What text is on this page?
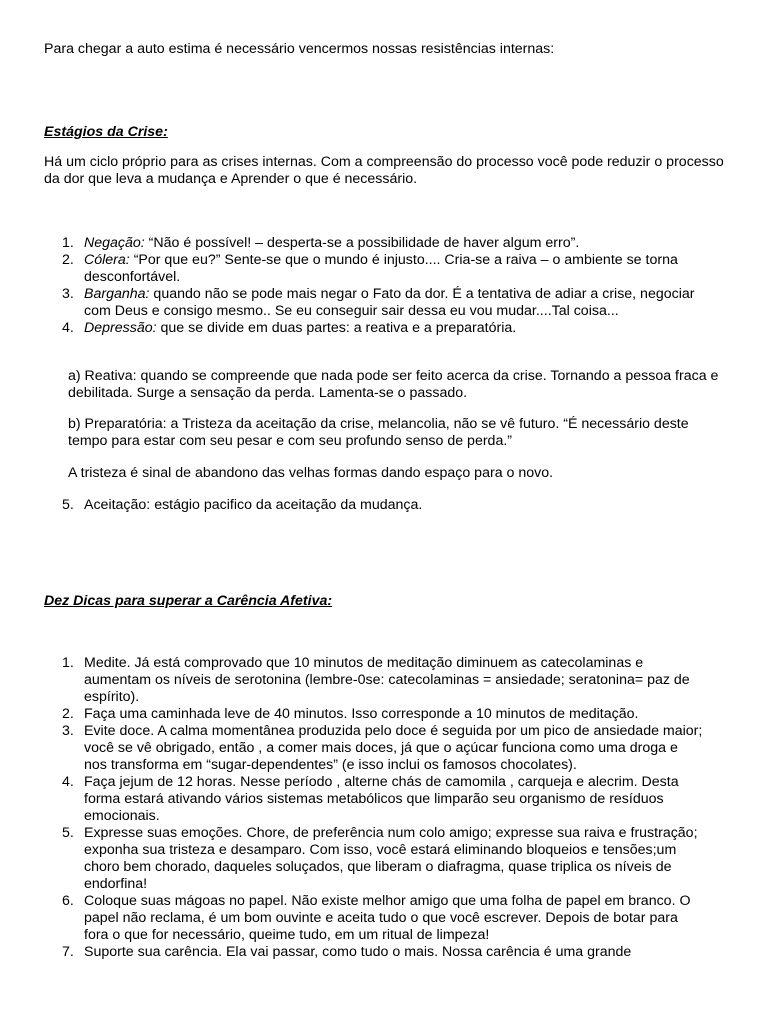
Para chegar a auto estima é necessário vencermos nossas resistências internas:

Estágios da Crise:

Há um ciclo próprio para as crises internas. Com a compreensão do processo você pode reduzir o processo da dor que leva a mudança e Aprender o que é necessário.

1. Negação: “Não é possível! – desperta-se a possibilidade de haver algum erro”.
2. Cólera: “Por que eu?” Sente-se que o mundo é injusto.... Cria-se a raiva – o ambiente se torna desconfortável.
3. Barganha: quando não se pode mais negar o Fato da dor. É a tentativa de adiar a crise, negociar com Deus e consigo mesmo.. Se eu conseguir sair dessa eu vou mudar....Tal coisa...
4. Depressão: que se divide em duas partes: a reativa e a preparatória.

a) Reativa: quando se compreende que nada pode ser feito acerca da crise. Tornando a pessoa fraca e debilitada. Surge a sensação da perda. Lamenta-se o passado.

b) Preparatória: a Tristeza da aceitação da crise, melancolia, não se vê futuro. “É necessário deste tempo para estar com seu pesar e com seu profundo senso de perda.”

A tristeza é sinal de abandono das velhas formas dando espaço para o novo.

5. Aceitação: estágio pacifico da aceitação da mudança.

Dez Dicas para superar a Carência Afetiva:

1. Medite. Já está comprovado que 10 minutos de meditação diminuem as catecolaminas e aumentam os níveis de serotonina (lembre-0se: catecolaminas = ansiedade; seratonina= paz de espírito).
2. Faça uma caminhada leve de 40 minutos. Isso corresponde a 10 minutos de meditação.
3. Evite doce. A calma momentânea produzida pelo doce é seguida por um pico de ansiedade maior; você se vê obrigado, então , a comer mais doces, já que o açúcar funciona como uma droga e nos transforma em “sugar-dependentes” (e isso inclui os famosos chocolates).
4. Faça jejum de 12 horas. Nesse período , alterne chás de camomila , carqueja e alecrim. Desta forma estará ativando vários sistemas metabólicos que limparão seu organismo de resíduos emocionais.
5. Expresse suas emoções. Chore, de preferência num colo amigo; expresse sua raiva e frustração; exponha sua tristeza e desamparo. Com isso, você estará eliminando bloqueios e tensões;um choro bem chorado, daqueles soluçados, que liberam o diafragma, quase triplica os níveis de endorfina!
6. Coloque suas mágoas no papel. Não existe melhor amigo que uma folha de papel em branco. O papel não reclama, é um bom ouvinte e aceita tudo o que você escrever. Depois de botar para fora o que for necessário, queime tudo, em um ritual de limpeza!
7. Suporte sua carência. Ela vai passar, como tudo o mais. Nossa carência é uma grande
